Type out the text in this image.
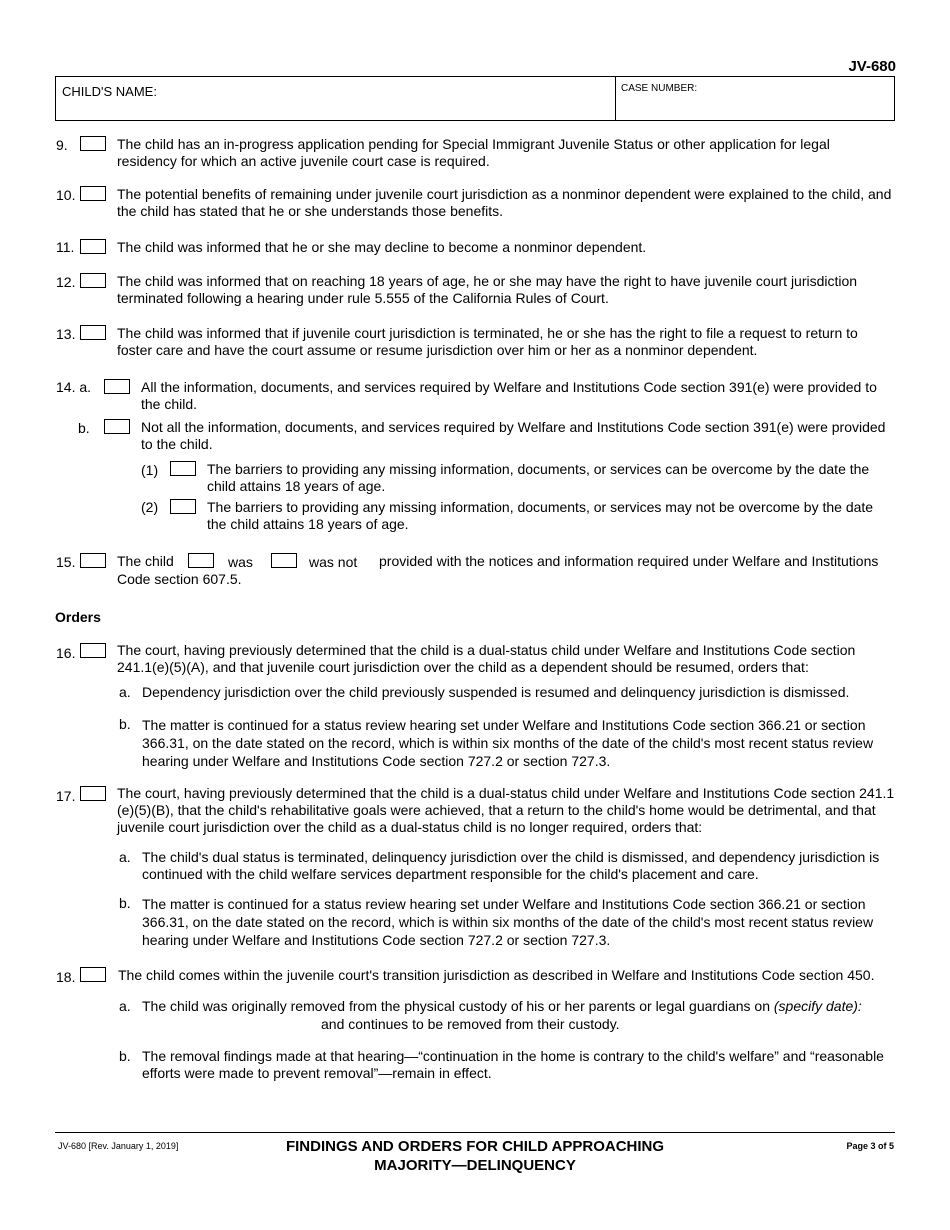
JV-680
CHILD'S NAME:	CASE NUMBER:
9.	The child has an in-progress application pending for Special Immigrant Juvenile Status or other application for legal residency for which an active juvenile court case is required.
10.	The potential benefits of remaining under juvenile court jurisdiction as a nonminor dependent were explained to the child, and the child has stated that he or she understands those benefits.
11.	The child was informed that he or she may decline to become a nonminor dependent.
12.	The child was informed that on reaching 18 years of age, he or she may have the right to have juvenile court jurisdiction terminated following a hearing under rule 5.555 of the California Rules of Court.
13.	The child was informed that if juvenile court jurisdiction is terminated, he or she has the right to file a request to return to foster care and have the court assume or resume jurisdiction over him or her as a nonminor dependent.
14. a.	All the information, documents, and services required by Welfare and Institutions Code section 391(e) were provided to the child.
b.	Not all the information, documents, and services required by Welfare and Institutions Code section 391(e) were provided to the child.
(1)	The barriers to providing any missing information, documents, or services can be overcome by the date the child attains 18 years of age.
(2)	The barriers to providing any missing information, documents, or services may not be overcome by the date the child attains 18 years of age.
15.	The child	was	was not provided with the notices and information required under Welfare and Institutions
Code section 607.5.
Orders
16.	The court, having previously determined that the child is a dual-status child under Welfare and Institutions Code section 241.1(e)(5)(A), and that juvenile court jurisdiction over the child as a dependent should be resumed, orders that:
a. Dependency jurisdiction over the child previously suspended is resumed and delinquency jurisdiction is dismissed.
b. The matter is continued for a status review hearing set under Welfare and Institutions Code section 366.21 or section 366.31, on the date stated on the record, which is within six months of the date of the child's most recent status review hearing under Welfare and Institutions Code section 727.2 or section 727.3.
17.	The court, having previously determined that the child is a dual-status child under Welfare and Institutions Code section 241.1 (e)(5)(B), that the child's rehabilitative goals were achieved, that a return to the child's home would be detrimental, and that juvenile court jurisdiction over the child as a dual-status child is no longer required, orders that:
a. The child's dual status is terminated, delinquency jurisdiction over the child is dismissed, and dependency jurisdiction is continued with the child welfare services department responsible for the child's placement and care.
b. The matter is continued for a status review hearing set under Welfare and Institutions Code section 366.21 or section 366.31, on the date stated on the record, which is within six months of the date of the child's most recent status review hearing under Welfare and Institutions Code section 727.2 or section 727.3.
18.	The child comes within the juvenile court's transition jurisdiction as described in Welfare and Institutions Code section 450.
a. The child was originally removed from the physical custody of his or her parents or legal guardians on (specify date):
and continues to be removed from their custody.
b. The removal findings made at that hearing—“continuation in the home is contrary to the child's welfare” and “reasonable efforts were made to prevent removal”—remain in effect.
JV-680 [Rev. January 1, 2019]	FINDINGS AND ORDERS FOR CHILD APPROACHING
MAJORITY—DELINQUENCY
Page 3 of 5
